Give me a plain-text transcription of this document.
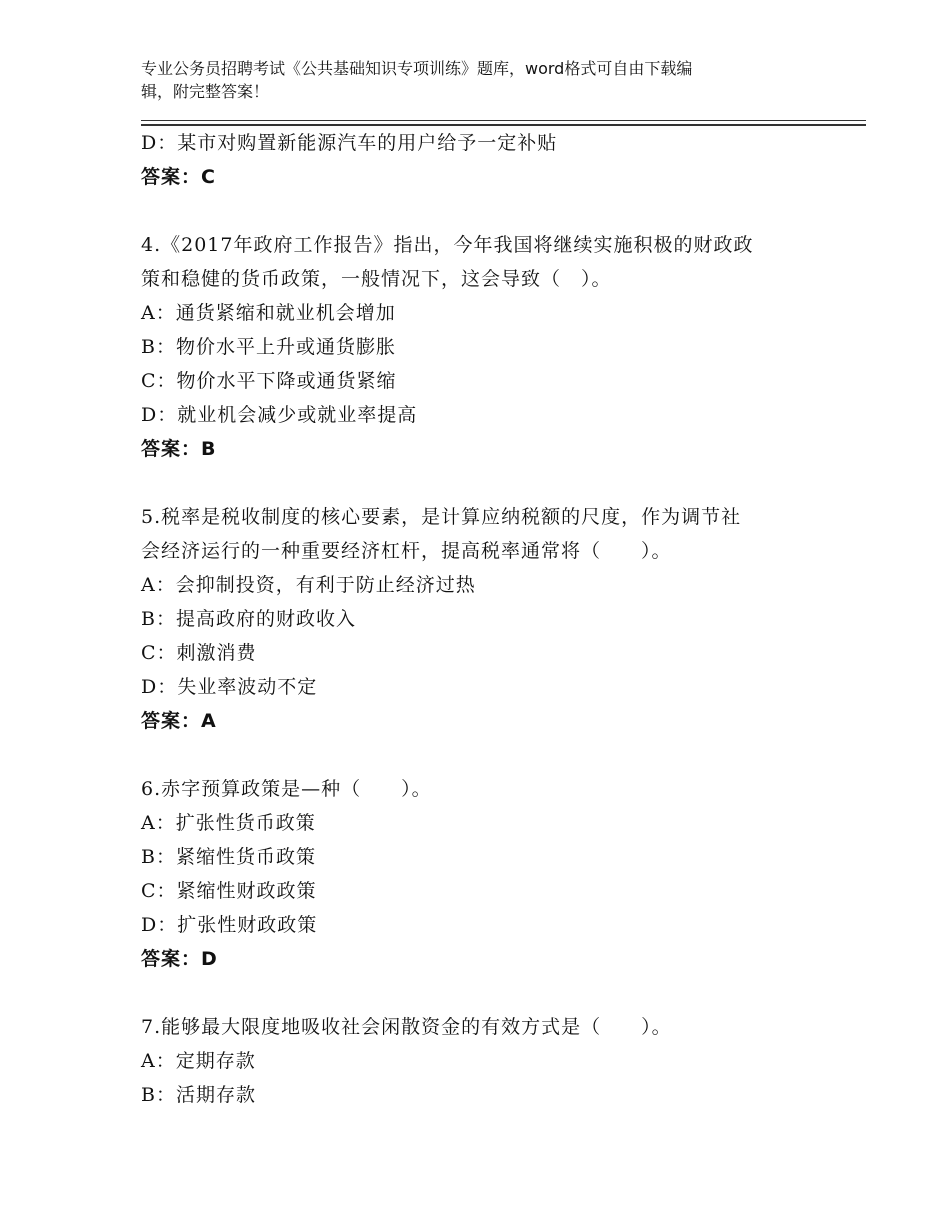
专业公务员招聘考试《公共基础知识专项训练》题库，word格式可自由下载编
辑，附完整答案！
D：某市对购置新能源汽车的用户给予一定补贴
答案：C
4.《2017年政府工作报告》指出，今年我国将继续实施积极的财政政
策和稳健的货币政策，一般情况下，这会导致（　）。
A：通货紧缩和就业机会增加
B：物价水平上升或通货膨胀
C：物价水平下降或通货紧缩
D：就业机会减少或就业率提高
答案：B
5.税率是税收制度的核心要素，是计算应纳税额的尺度，作为调节社
会经济运行的一种重要经济杠杆，提高税率通常将（　　）。
A：会抑制投资，有利于防止经济过热
B：提高政府的财政收入
C：刺激消费
D：失业率波动不定
答案：A
6.赤字预算政策是—种（　　）。
A：扩张性货币政策
B：紧缩性货币政策
C：紧缩性财政政策
D：扩张性财政政策
答案：D
7.能够最大限度地吸收社会闲散资金的有效方式是（　　）。
A：定期存款
B：活期存款
